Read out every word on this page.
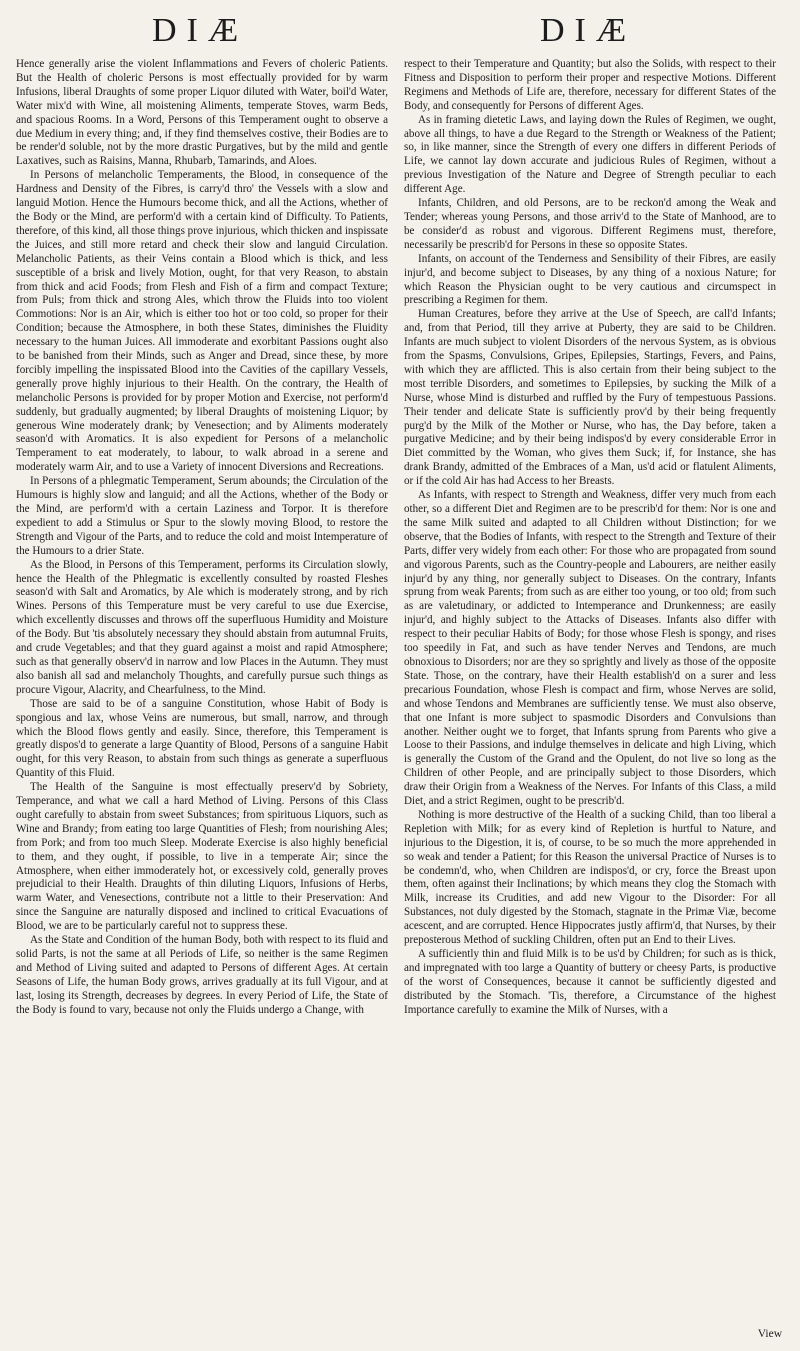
DIÆ	DIÆ

Hence generally arise the violent Inflammations and Fevers of choleric Patients. But the Health of choleric Persons is most effectually provided for by warm Infusions, liberal Draughts of some proper Liquor diluted with Water, boil'd Water, Water mix'd with Wine, all moistening Aliments, temperate Stoves, warm Beds, and spacious Rooms. In a Word, Persons of this Temperament ought to observe a due Medium in every thing; and, if they find themselves costive, their Bodies are to be render'd soluble, not by the more drastic Purgatives, but by the mild and gentle Laxatives, such as Raisins, Manna, Rhubarb, Tamarinds, and Aloes.

In Persons of melancholic Temperaments, the Blood, in consequence of the Hardness and Density of the Fibres, is carry'd thro' the Vessels with a slow and languid Motion. Hence the Humours become thick, and all the Actions, whether of the Body or the Mind, are perform'd with a certain kind of Difficulty. To Patients, therefore, of this kind, all those things prove injurious, which thicken and inspissate the Juices, and still more retard and check their slow and languid Circulation. Melancholic Patients, as their Veins contain a Blood which is thick, and less susceptible of a brisk and lively Motion, ought, for that very Reason, to abstain from thick and acid Foods; from Flesh and Fish of a firm and compact Texture; from Puls; from thick and strong Ales, which throw the Fluids into too violent Commotions: Nor is an Air, which is either too hot or too cold, so proper for their Condition; because the Atmosphere, in both these States, diminishes the Fluidity necessary to the human Juices. All immoderate and exorbitant Passions ought also to be banished from their Minds, such as Anger and Dread, since these, by more forcibly impelling the inspissated Blood into the Cavities of the capillary Vessels, generally prove highly injurious to their Health. On the contrary, the Health of melancholic Persons is provided for by proper Motion and Exercise, not perform'd suddenly, but gradually augmented; by liberal Draughts of moistening Liquor; by generous Wine moderately drank; by Venesection; and by Aliments moderately season'd with Aromatics. It is also expedient for Persons of a melancholic Temperament to eat moderately, to labour, to walk abroad in a serene and moderately warm Air, and to use a Variety of innocent Diversions and Recreations.

In Persons of a phlegmatic Temperament, Serum abounds; the Circulation of the Humours is highly slow and languid; and all the Actions, whether of the Body or the Mind, are perform'd with a certain Laziness and Torpor. It is therefore expedient to add a Stimulus or Spur to the slowly moving Blood, to restore the Strength and Vigour of the Parts, and to reduce the cold and moist Intemperature of the Humours to a drier State.

As the Blood, in Persons of this Temperament, performs its Circulation slowly, hence the Health of the Phlegmatic is excellently consulted by roasted Fleshes season'd with Salt and Aromatics, by Ale which is moderately strong, and by rich Wines. Persons of this Temperature must be very careful to use due Exercise, which excellently discusses and throws off the superfluous Humidity and Moisture of the Body. But 'tis absolutely necessary they should abstain from autumnal Fruits, and crude Vegetables; and that they guard against a moist and rapid Atmosphere; such as that generally observ'd in narrow and low Places in the Autumn. They must also banish all sad and melancholy Thoughts, and carefully pursue such things as procure Vigour, Alacrity, and Chearfulness, to the Mind.

Those are said to be of a sanguine Constitution, whose Habit of Body is spongious and lax, whose Veins are numerous, but small, narrow, and through which the Blood flows gently and easily. Since, therefore, this Temperament is greatly dispos'd to generate a large Quantity of Blood, Persons of a sanguine Habit ought, for this very Reason, to abstain from such things as generate a superfluous Quantity of this Fluid.

The Health of the Sanguine is most effectually preserv'd by Sobriety, Temperance, and what we call a hard Method of Living. Persons of this Class ought carefully to abstain from sweet Substances; from spirituous Liquors, such as Wine and Brandy; from eating too large Quantities of Flesh; from nourishing Ales; from Pork; and from too much Sleep. Moderate Exercise is also highly beneficial to them, and they ought, if possible, to live in a temperate Air; since the Atmosphere, when either immoderately hot, or excessively cold, generally proves prejudicial to their Health. Draughts of thin diluting Liquors, Infusions of Herbs, warm Water, and Venesections, contribute not a little to their Preservation: And since the Sanguine are naturally disposed and inclined to critical Evacuations of Blood, we are to be particularly careful not to suppress these.

As the State and Condition of the human Body, both with respect to its fluid and solid Parts, is not the same at all Periods of Life, so neither is the same Regimen and Method of Living suited and adapted to Persons of different Ages. At certain Seasons of Life, the human Body grows, arrives gradually at its full Vigour, and at last, losing its Strength, decreases by degrees. In every Period of Life, the State of the Body is found to vary, because not only the Fluids undergo a Change, with

respect to their Temperature and Quantity; but also the Solids, with respect to their Fitness and Disposition to perform their proper and respective Motions. Different Regimens and Methods of Life are, therefore, necessary for different States of the Body, and consequently for Persons of different Ages.

As in framing dietetic Laws, and laying down the Rules of Regimen, we ought, above all things, to have a due Regard to the Strength or Weakness of the Patient; so, in like manner, since the Strength of every one differs in different Periods of Life, we cannot lay down accurate and judicious Rules of Regimen, without a previous Investigation of the Nature and Degree of Strength peculiar to each different Age.

Infants, Children, and old Persons, are to be reckon'd among the Weak and Tender; whereas young Persons, and those arriv'd to the State of Manhood, are to be consider'd as robust and vigorous. Different Regimens must, therefore, necessarily be prescrib'd for Persons in these so opposite States.

Infants, on account of the Tenderness and Sensibility of their Fibres, are easily injur'd, and become subject to Diseases, by any thing of a noxious Nature; for which Reason the Physician ought to be very cautious and circumspect in prescribing a Regimen for them.

Human Creatures, before they arrive at the Use of Speech, are call'd Infants; and, from that Period, till they arrive at Puberty, they are said to be Children. Infants are much subject to violent Disorders of the nervous System, as is obvious from the Spasms, Convulsions, Gripes, Epilepsies, Startings, Fevers, and Pains, with which they are afflicted. This is also certain from their being subject to the most terrible Disorders, and sometimes to Epilepsies, by sucking the Milk of a Nurse, whose Mind is disturbed and ruffled by the Fury of tempestuous Passions. Their tender and delicate State is sufficiently prov'd by their being frequently purg'd by the Milk of the Mother or Nurse, who has, the Day before, taken a purgative Medicine; and by their being indispos'd by every considerable Error in Diet committed by the Woman, who gives them Suck; if, for Instance, she has drank Brandy, admitted of the Embraces of a Man, us'd acid or flatulent Aliments, or if the cold Air has had Access to her Breasts.

As Infants, with respect to Strength and Weakness, differ very much from each other, so a different Diet and Regimen are to be prescrib'd for them: Nor is one and the same Milk suited and adapted to all Children without Distinction; for we observe, that the Bodies of Infants, with respect to the Strength and Texture of their Parts, differ very widely from each other: For those who are propagated from sound and vigorous Parents, such as the Country-people and Labourers, are neither easily injur'd by any thing, nor generally subject to Diseases. On the contrary, Infants sprung from weak Parents; from such as are either too young, or too old; from such as are valetudinary, or addicted to Intemperance and Drunkenness; are easily injur'd, and highly subject to the Attacks of Diseases. Infants also differ with respect to their peculiar Habits of Body; for those whose Flesh is spongy, and rises too speedily in Fat, and such as have tender Nerves and Tendons, are much obnoxious to Disorders; nor are they so sprightly and lively as those of the opposite State. Those, on the contrary, have their Health establish'd on a surer and less precarious Foundation, whose Flesh is compact and firm, whose Nerves are solid, and whose Tendons and Membranes are sufficiently tense. We must also observe, that one Infant is more subject to spasmodic Disorders and Convulsions than another. Neither ought we to forget, that Infants sprung from Parents who give a Loose to their Passions, and indulge themselves in delicate and high Living, which is generally the Custom of the Grand and the Opulent, do not live so long as the Children of other People, and are principally subject to those Disorders, which draw their Origin from a Weakness of the Nerves. For Infants of this Class, a mild Diet, and a strict Regimen, ought to be prescrib'd.

Nothing is more destructive of the Health of a sucking Child, than too liberal a Repletion with Milk; for as every kind of Repletion is hurtful to Nature, and injurious to the Digestion, it is, of course, to be so much the more apprehended in so weak and tender a Patient; for this Reason the universal Practice of Nurses is to be condemn'd, who, when Children are indispos'd, or cry, force the Breast upon them, often against their Inclinations; by which means they clog the Stomach with Milk, increase its Crudities, and add new Vigour to the Disorder: For all Substances, not duly digested by the Stomach, stagnate in the Primæ Viæ, become acescent, and are corrupted. Hence Hippocrates justly affirm'd, that Nurses, by their preposterous Method of suckling Children, often put an End to their Lives.

A sufficiently thin and fluid Milk is to be us'd by Children; for such as is thick, and impregnated with too large a Quantity of buttery or cheesy Parts, is productive of the worst of Consequences, because it cannot be sufficiently digested and distributed by the Stomach. 'Tis, therefore, a Circumstance of the highest Importance carefully to examine the Milk of Nurses, with a

View
